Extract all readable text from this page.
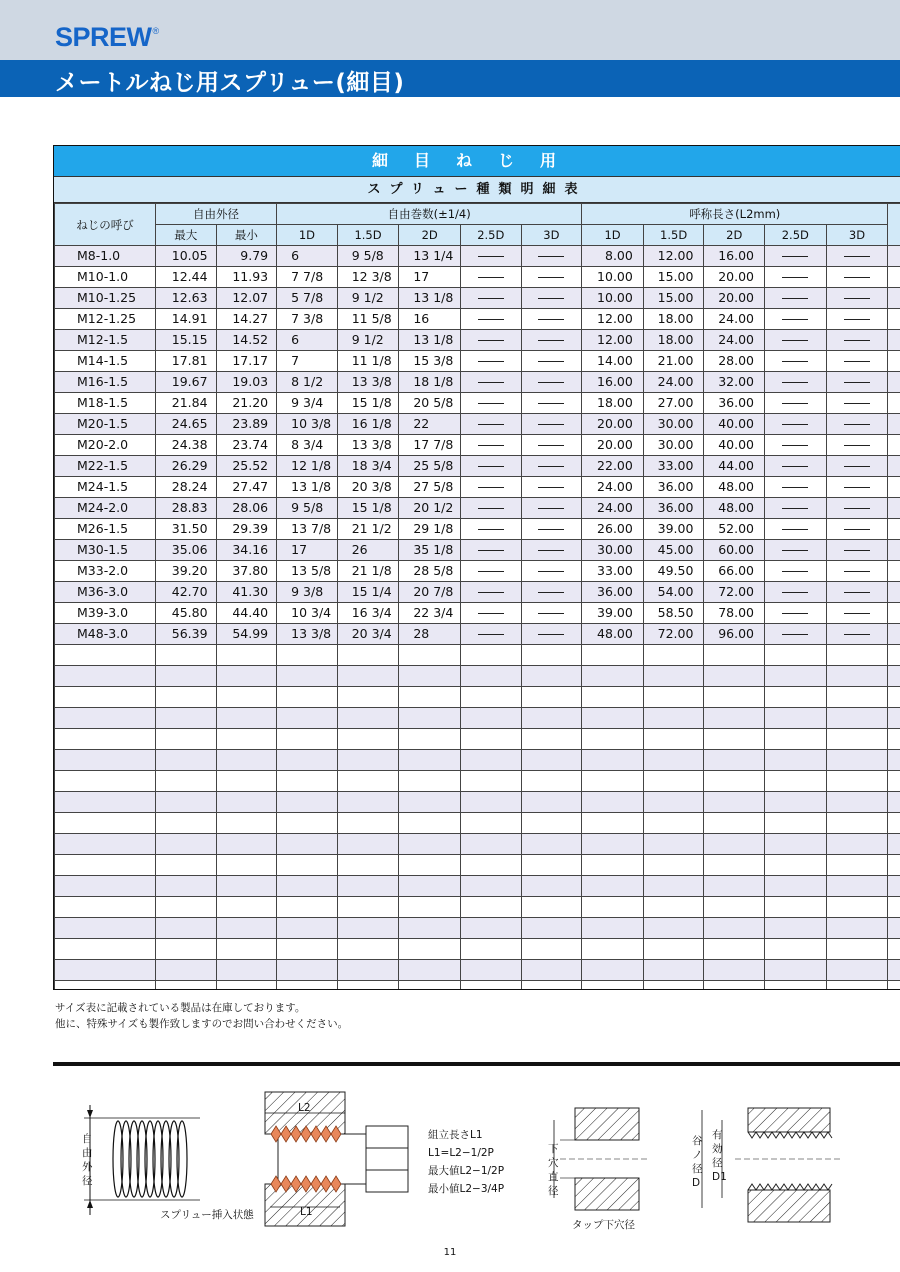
SPREW®
メートルねじ用スプリュー(細目)
細目ねじ用
スプリュー種類明細表
ねじの呼び	自由外径		自由巻数(±1/4)					呼称長さ(L2mm)					
	最大	最小	1D	1.5D	2D	2.5D	3D	1D	1.5D	2D	2.5D	3D	
M8-1.0	10.05	9.79	6	9 5/8	13 1/4			8.00	12.00	16.00			
M10-1.0	12.44	11.93	7 7/8	12 3/8	17			10.00	15.00	20.00			
M10-1.25	12.63	12.07	5 7/8	9 1/2	13 1/8			10.00	15.00	20.00			
M12-1.25	14.91	14.27	7 3/8	11 5/8	16			12.00	18.00	24.00			
M12-1.5	15.15	14.52	6	9 1/2	13 1/8			12.00	18.00	24.00			
M14-1.5	17.81	17.17	7	11 1/8	15 3/8			14.00	21.00	28.00			
M16-1.5	19.67	19.03	8 1/2	13 3/8	18 1/8			16.00	24.00	32.00			
M18-1.5	21.84	21.20	9 3/4	15 1/8	20 5/8			18.00	27.00	36.00			
M20-1.5	24.65	23.89	10 3/8	16 1/8	22			20.00	30.00	40.00			
M20-2.0	24.38	23.74	8 3/4	13 3/8	17 7/8			20.00	30.00	40.00			
M22-1.5	26.29	25.52	12 1/8	18 3/4	25 5/8			22.00	33.00	44.00			
M24-1.5	28.24	27.47	13 1/8	20 3/8	27 5/8			24.00	36.00	48.00			
M24-2.0	28.83	28.06	9 5/8	15 1/8	20 1/2			24.00	36.00	48.00			
M26-1.5	31.50	29.39	13 7/8	21 1/2	29 1/8			26.00	39.00	52.00			
M30-1.5	35.06	34.16	17	26	35 1/8			30.00	45.00	60.00			
M33-2.0	39.20	37.80	13 5/8	21 1/8	28 5/8			33.00	49.50	66.00			
M36-3.0	42.70	41.30	9 3/8	15 1/4	20 7/8			36.00	54.00	72.00			
M39-3.0	45.80	44.40	10 3/4	16 3/4	22 3/4			39.00	58.50	78.00			
M48-3.0	56.39	54.99	13 3/8	20 3/4	28			48.00	72.00	96.00			

サイズ表に記載されている製品は在庫しております。
他に、特殊サイズも製作致しますのでお問い合わせください。
自
由
外
径
L2
L1
スプリュー挿入状態
組立長さL1
L1=L2−1/2P
最大値L2−1/2P
最小値L2−3/4P
下
穴
直
径
タップ下穴径
谷
ノ
径
D
有
効
径
D1
11
